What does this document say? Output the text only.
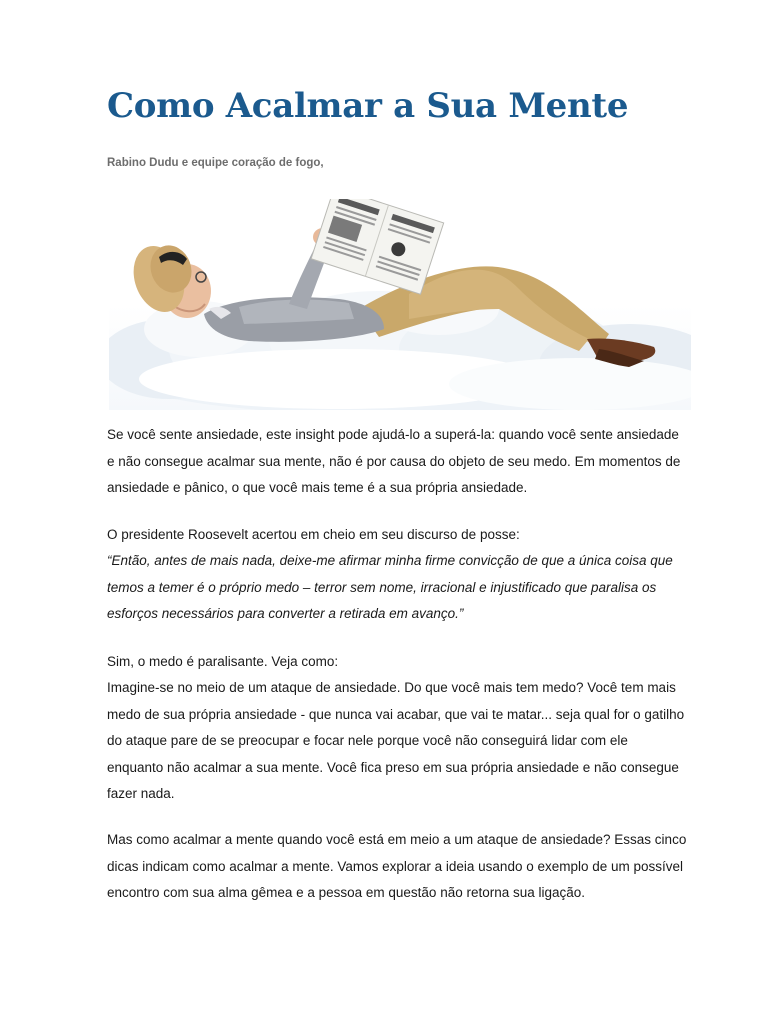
Como Acalmar a Sua Mente

Rabino Dudu e equipe coração de fogo,

Se você sente ansiedade, este insight pode ajudá-lo a superá-la: quando você sente ansiedade e não consegue acalmar sua mente, não é por causa do objeto de seu medo. Em momentos de ansiedade e pânico, o que você mais teme é a sua própria ansiedade.

O presidente Roosevelt acertou em cheio em seu discurso de posse:

“Então, antes de mais nada, deixe-me afirmar minha firme convicção de que a única coisa que temos a temer é o próprio medo – terror sem nome, irracional e injustificado que paralisa os esforços necessários para converter a retirada em avanço.”

Sim, o medo é paralisante. Veja como:

Imagine-se no meio de um ataque de ansiedade. Do que você mais tem medo? Você tem mais medo de sua própria ansiedade - que nunca vai acabar, que vai te matar... seja qual for o gatilho do ataque pare de se preocupar e focar nele porque você não conseguirá lidar com ele enquanto não acalmar a sua mente. Você fica preso em sua própria ansiedade e não consegue fazer nada.

Mas como acalmar a mente quando você está em meio a um ataque de ansiedade? Essas cinco dicas indicam como acalmar a mente. Vamos explorar a ideia usando o exemplo de um possível encontro com sua alma gêmea e a pessoa em questão não retorna sua ligação.
